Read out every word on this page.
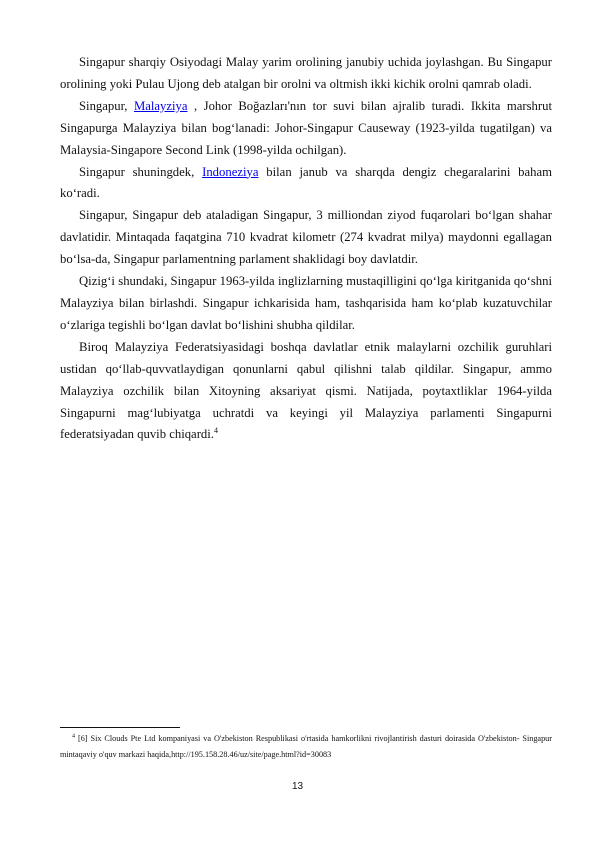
Singapur sharqiy Osiyodagi Malay yarim orolining janubiy uchida joylashgan. Bu Singapur orolining yoki Pulau Ujong deb atalgan bir orolni va oltmish ikki kichik orolni qamrab oladi.

Singapur, Malayziya , Johor Boğazları'nın tor suvi bilan ajralib turadi. Ikkita marshrut Singapurga Malayziya bilan bog‘lanadi: Johor-Singapur Causeway (1923-yilda tugatilgan) va Malaysia-Singapore Second Link (1998-yilda ochilgan).

Singapur shuningdek, Indoneziya bilan janub va sharqda dengiz chegaralarini baham ko‘radi.

Singapur, Singapur deb ataladigan Singapur, 3 milliondan ziyod fuqarolari bo‘lgan shahar davlatidir. Mintaqada faqatgina 710 kvadrat kilometr (274 kvadrat milya) maydonni egallagan bo‘lsa-da, Singapur parlamentning parlament shaklidagi boy davlatdir.

Qizig‘i shundaki, Singapur 1963-yilda inglizlarning mustaqilligini qo‘lga kiritganida qo‘shni Malayziya bilan birlashdi. Singapur ichkarisida ham, tashqarisida ham ko‘plab kuzatuvchilar o‘zlariga tegishli bo‘lgan davlat bo‘lishini shubha qildilar.

Biroq Malayziya Federatsiyasidagi boshqa davlatlar etnik malaylarni ozchilik guruhlari ustidan qo‘llab-quvvatlaydigan qonunlarni qabul qilishni talab qildilar. Singapur, ammo Malayziya ozchilik bilan Xitoyning aksariyat qismi. Natijada, poytaxtliklar 1964-yilda Singapurni mag‘lubiyatga uchratdi va keyingi yil Malayziya parlamenti Singapurni federatsiyadan quvib chiqardi.$^4$

$^4$ [6] Six Clouds Pte Ltd kompaniyasi va O'zbekiston Respublikasi o'rtasida hamkorlikni rivojlantirish dasturi doirasida O'zbekiston- Singapur mintaqaviy o'quv markazi haqida,http://195.158.28.46/uz/site/page.html?id=30083

13
